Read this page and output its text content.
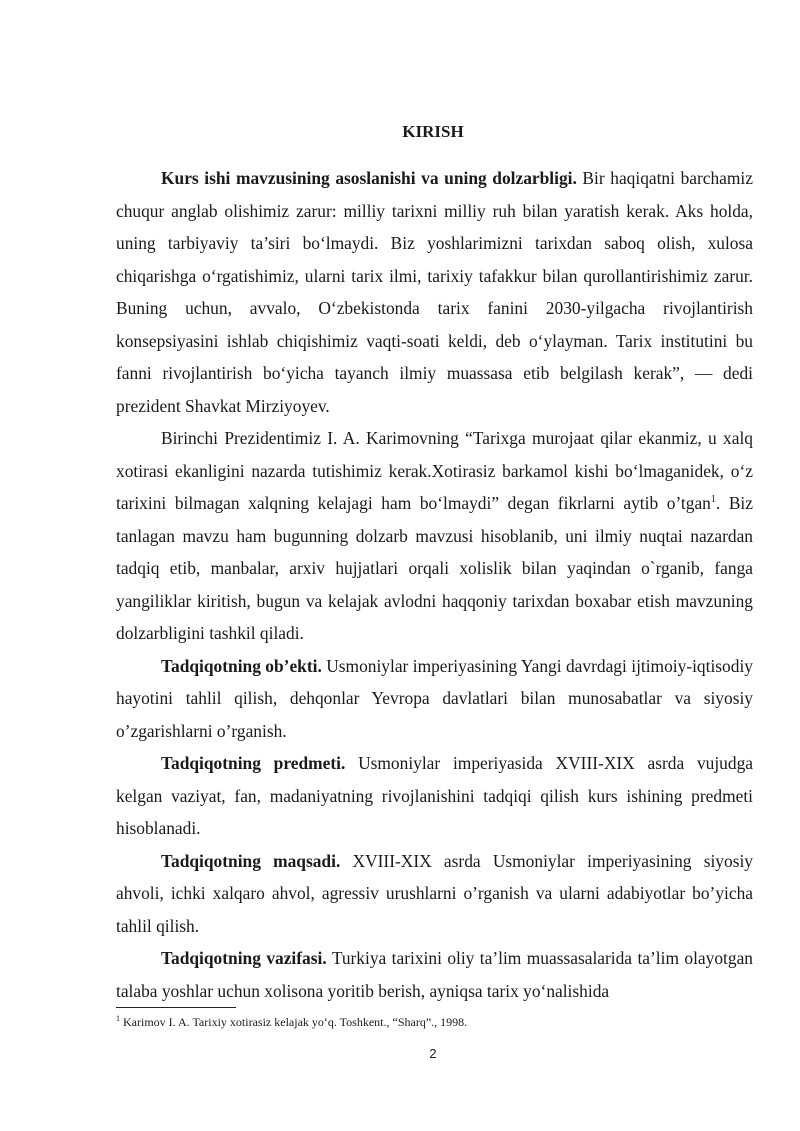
KIRISH

Kurs ishi mavzusining asoslanishi va uning dolzarbligi. Bir haqiqatni barchamiz chuqur anglab olishimiz zarur: milliy tarixni milliy ruh bilan yaratish kerak. Aks holda, uning tarbiyaviy ta’siri bo‘lmaydi. Biz yoshlarimizni tarixdan saboq olish, xulosa chiqarishga o‘rgatishimiz, ularni tarix ilmi, tarixiy tafakkur bilan qurollantirishimiz zarur. Buning uchun, avvalo, O‘zbekistonda tarix fanini 2030-yilgacha rivojlantirish konsepsiyasini ishlab chiqishimiz vaqti-soati keldi, deb o‘ylayman. Tarix institutini bu fanni rivojlantirish bo‘yicha tayanch ilmiy muassasa etib belgilash kerak”, — dedi prezident Shavkat Mirziyoyev.

Birinchi Prezidentimiz I. A. Karimovning “Tarixga murojaat qilar ekanmiz, u xalq xotirasi ekanligini nazarda tutishimiz kerak.Xotirasiz barkamol kishi bo‘lmaganidek, o‘z tarixini bilmagan xalqning kelajagi ham bo‘lmaydi” degan fikrlarni aytib o’tgan$^1$. Biz tanlagan mavzu ham bugunning dolzarb mavzusi hisoblanib, uni ilmiy nuqtai nazardan tadqiq etib, manbalar, arxiv hujjatlari orqali xolislik bilan yaqindan o`rganib, fanga yangiliklar kiritish, bugun va kelajak avlodni haqqoniy tarixdan boxabar etish mavzuning dolzarbligini tashkil qiladi.

Tadqiqotning ob’ekti. Usmoniylar imperiyasining Yangi davrdagi ijtimoiy-iqtisodiy hayotini tahlil qilish, dehqonlar Yevropa davlatlari bilan munosabatlar va siyosiy o’zgarishlarni o’rganish.

Tadqiqotning predmeti. Usmoniylar imperiyasida XVIII-XIX asrda vujudga kelgan vaziyat, fan, madaniyatning rivojlanishini tadqiqi qilish kurs ishining predmeti hisoblanadi.

Tadqiqotning maqsadi. XVIII-XIX asrda Usmoniylar imperiyasining siyosiy ahvoli, ichki xalqaro ahvol, agressiv urushlarni o’rganish va ularni adabiyotlar bo’yicha tahlil qilish.

Tadqiqotning vazifasi. Turkiya tarixini oliy ta’lim muassasalarida ta’lim olayotgan talaba yoshlar uchun xolisona yoritib berish, ayniqsa tarix yo‘nalishida

$^1$ Karimov I. A. Tarixiy xotirasiz kelajak yo‘q. Toshkent., “Sharq”., 1998.
2
